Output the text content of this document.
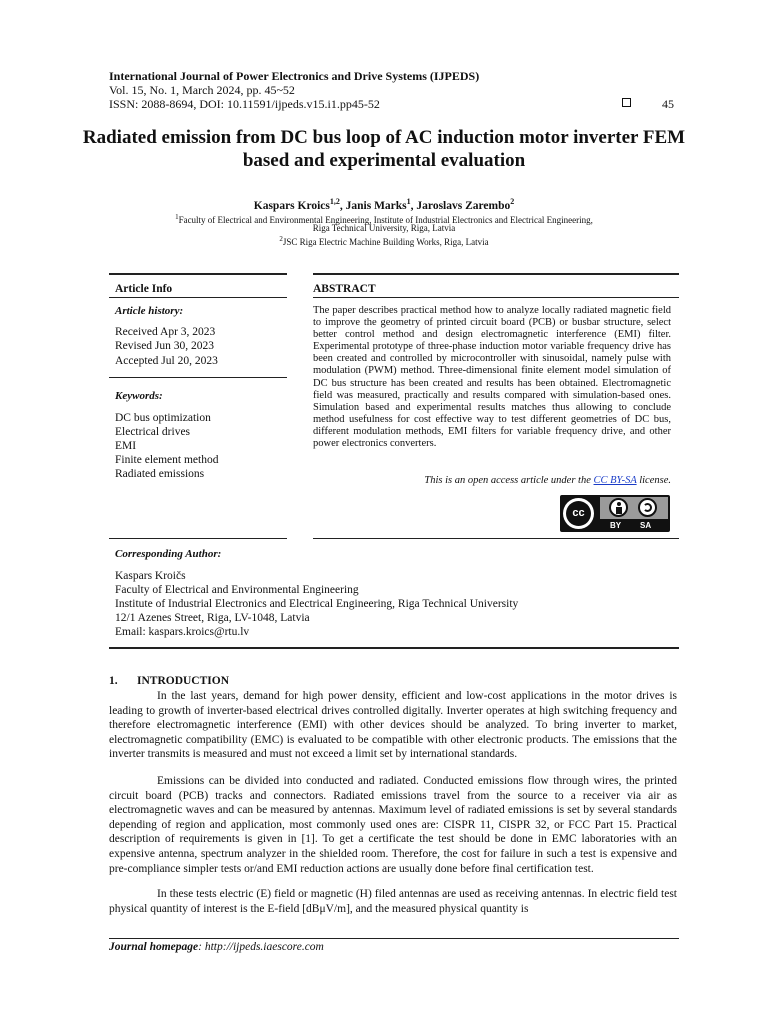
International Journal of Power Electronics and Drive Systems (IJPEDS)
Vol. 15, No. 1, March 2024, pp. 45~52
ISSN: 2088-8694, DOI: 10.11591/ijpeds.v15.i1.pp45-52	45
Radiated emission from DC bus loop of AC induction motor inverter FEM based and experimental evaluation
Kaspars Kroics$^{1,2}$, Janis Marks$^1$, Jaroslavs Zarembo$^2$
$^1$Faculty of Electrical and Environmental Engineering, Institute of Industrial Electronics and Electrical Engineering,
Riga Technical University, Riga, Latvia
$^2$JSC Riga Electric Machine Building Works, Riga, Latvia
Article Info
Article history:
Received Apr 3, 2023
Revised Jun 30, 2023
Accepted Jul 20, 2023
Keywords:
DC bus optimization
Electrical drives
EMI
Finite element method
Radiated emissions
ABSTRACT
The paper describes practical method how to analyze locally radiated magnetic field to improve the geometry of printed circuit board (PCB) or busbar structure, select better control method and design electromagnetic interference (EMI) filter. Experimental prototype of three-phase induction motor variable frequency drive has been created and controlled by microcontroller with sinusoidal, namely pulse with modulation (PWM) method. Three-dimensional finite element model simulation of DC bus structure has been created and results has been obtained. Electromagnetic field was measured, practically and results compared with simulation-based ones. Simulation based and experimental results matches thus allowing to conclude method usefulness for cost effective way to test different geometries of DC bus, different modulation methods, EMI filters for variable frequency drive, and other power electronics converters.
This is an open access article under the CC BY-SA license.
cc
BY SA
Corresponding Author:
Kaspars Kroičs
Faculty of Electrical and Environmental Engineering
Institute of Industrial Electronics and Electrical Engineering, Riga Technical University
12/1 Azenes Street, Riga, LV-1048, Latvia
Email: kaspars.kroics@rtu.lv
1. INTRODUCTION
In the last years, demand for high power density, efficient and low-cost applications in the motor drives is leading to growth of inverter-based electrical drives controlled digitally. Inverter operates at high switching frequency and therefore electromagnetic interference (EMI) with other devices should be analyzed. To bring inverter to market, electromagnetic compatibility (EMC) is evaluated to be compatible with other electronic products. The emissions that the inverter transmits is measured and must not exceed a limit set by international standards.
Emissions can be divided into conducted and radiated. Conducted emissions flow through wires, the printed circuit board (PCB) tracks and connectors. Radiated emissions travel from the source to a receiver via air as electromagnetic waves and can be measured by antennas. Maximum level of radiated emissions is set by several standards depending of region and application, most commonly used ones are: CISPR 11, CISPR 32, or FCC Part 15. Practical description of requirements is given in [1]. To get a certificate the test should be done in EMC laboratories with an expensive antenna, spectrum analyzer in the shielded room. Therefore, the cost for failure in such a test is expensive and pre-compliance simpler tests or/and EMI reduction actions are usually done before final certification test.
In these tests electric (E) field or magnetic (H) filed antennas are used as receiving antennas. In electric field test physical quantity of interest is the E-field [dBμV/m], and the measured physical quantity is
Journal homepage: http://ijpeds.iaescore.com
